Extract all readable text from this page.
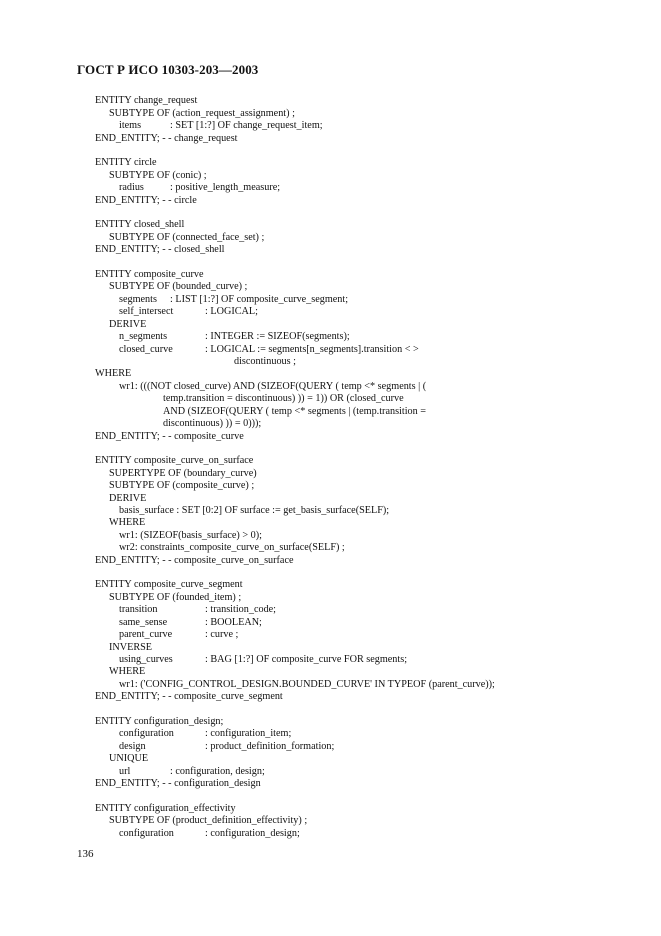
ГОСТ Р ИСО 10303-203—2003
ENTITY change_request
SUBTYPE OF (action_request_assignment) ;
items	: SET [1:?] OF change_request_item;
END_ENTITY; - - change_request
ENTITY circle
SUBTYPE OF (conic) ;
radius	: positive_length_measure;
END_ENTITY; - - circle
ENTITY closed_shell
SUBTYPE OF (connected_face_set) ;
END_ENTITY; - - closed_shell
ENTITY composite_curve
SUBTYPE OF (bounded_curve) ;
segments : LIST [1:?] OF composite_curve_segment;
self_intersect	: LOGICAL;
DERIVE
n_segments	: INTEGER := SIZEOF(segments);
closed_curve	: LOGICAL := segments[n_segments].transition < >
discontinuous ;
WHERE
wr1: (((NOT closed_curve) AND (SIZEOF(QUERY ( temp <* segments | (
temp.transition = discontinuous) )) = 1)) OR (closed_curve
AND (SIZEOF(QUERY ( temp <* segments | (temp.transition =
discontinuous) )) = 0)));
END_ENTITY; - - composite_curve
ENTITY composite_curve_on_surface
SUPERTYPE OF (boundary_curve)
SUBTYPE OF (composite_curve) ;
DERIVE
basis_surface : SET [0:2] OF surface := get_basis_surface(SELF);
WHERE
wr1: (SIZEOF(basis_surface) > 0);
wr2: constraints_composite_curve_on_surface(SELF) ;
END_ENTITY; - - composite_curve_on_surface
ENTITY composite_curve_segment
SUBTYPE OF (founded_item) ;
transition	: transition_code;
same_sense	: BOOLEAN;
parent_curve	: curve ;
INVERSE
using_curves	: BAG [1:?] OF composite_curve FOR segments;
WHERE
wr1: ('CONFIG_CONTROL_DESIGN.BOUNDED_CURVE' IN TYPEOF (parent_curve));
END_ENTITY; - - composite_curve_segment
ENTITY configuration_design;
configuration	: configuration_item;
design	: product_definition_formation;
UNIQUE
url	: configuration, design;
END_ENTITY; - - configuration_design
ENTITY configuration_effectivity
SUBTYPE OF (product_definition_effectivity) ;
configuration	: configuration_design;
136
